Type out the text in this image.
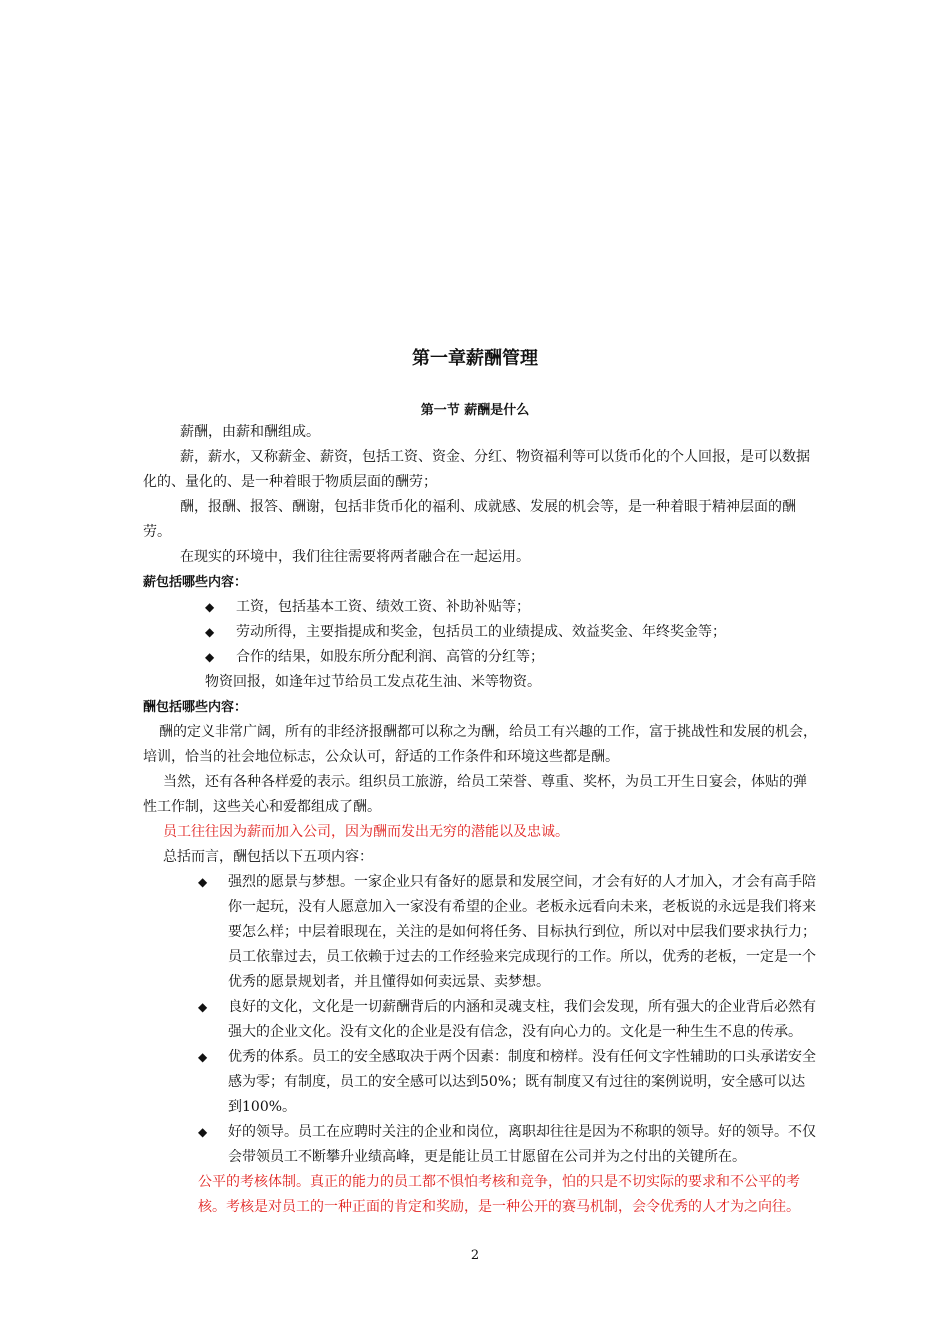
第一章薪酬管理
第一节 薪酬是什么

薪酬，由薪和酬组成。

薪，薪水，又称薪金、薪资，包括工资、资金、分红、物资福利等可以货币化的个人回报，是可以数据化的、量化的、是一种着眼于物质层面的酬劳；

酬，报酬、报答、酬谢，包括非货币化的福利、成就感、发展的机会等，是一种着眼于精神层面的酬劳。

在现实的环境中，我们往往需要将两者融合在一起运用。

薪包括哪些内容：

◆	工资，包括基本工资、绩效工资、补助补贴等；
◆	劳动所得，主要指提成和奖金，包括员工的业绩提成、效益奖金、年终奖金等；
◆	合作的结果，如股东所分配利润、高管的分红等；

物资回报，如逢年过节给员工发点花生油、米等物资。

酬包括哪些内容：

酬的定义非常广阔，所有的非经济报酬都可以称之为酬，给员工有兴趣的工作，富于挑战性和发展的机会，培训，恰当的社会地位标志，公众认可，舒适的工作条件和环境这些都是酬。

当然，还有各种各样爱的表示。组织员工旅游，给员工荣誉、尊重、奖杯，为员工开生日宴会，体贴的弹性工作制，这些关心和爱都组成了酬。

员工往往因为薪而加入公司，因为酬而发出无穷的潜能以及忠诚。

总括而言，酬包括以下五项内容：

◆	强烈的愿景与梦想。一家企业只有备好的愿景和发展空间，才会有好的人才加入，才会有高手陪你一起玩，没有人愿意加入一家没有希望的企业。老板永远看向未来，老板说的永远是我们将来要怎么样；中层着眼现在，关注的是如何将任务、目标执行到位，所以对中层我们要求执行力；员工依靠过去，员工依赖于过去的工作经验来完成现行的工作。所以，优秀的老板，一定是一个优秀的愿景规划者，并且懂得如何卖远景、卖梦想。
◆	良好的文化，文化是一切薪酬背后的内涵和灵魂支柱，我们会发现，所有强大的企业背后必然有强大的企业文化。没有文化的企业是没有信念，没有向心力的。文化是一种生生不息的传承。
◆	优秀的体系。员工的安全感取决于两个因素：制度和榜样。没有任何文字性辅助的口头承诺安全感为零；有制度，员工的安全感可以达到50%；既有制度又有过往的案例说明，安全感可以达到100%。
◆	好的领导。员工在应聘时关注的企业和岗位，离职却往往是因为不称职的领导。好的领导。不仅会带领员工不断攀升业绩高峰，更是能让员工甘愿留在公司并为之付出的关键所在。

公平的考核体制。真正的能力的员工都不惧怕考核和竞争，怕的只是不切实际的要求和不公平的考核。考核是对员工的一种正面的肯定和奖励，是一种公开的赛马机制，会令优秀的人才为之向往。

2
